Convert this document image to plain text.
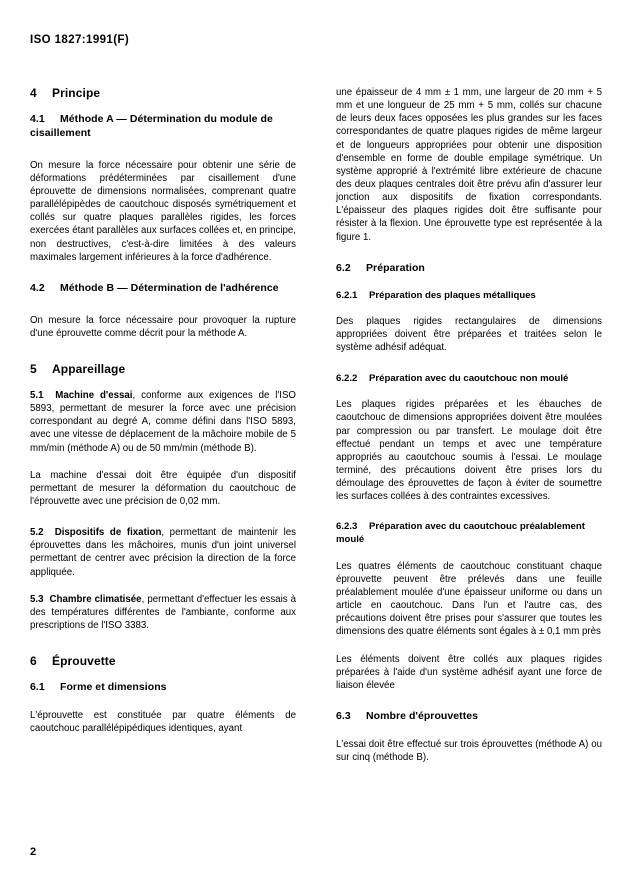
ISO 1827:1991(F)
4 Principe
4.1 Méthode A — Détermination du module de cisaillement

On mesure la force nécessaire pour obtenir une série de déformations prédéterminées par cisaillement d'une éprouvette de dimensions normalisées, comprenant quatre parallélépipèdes de caoutchouc disposés symétriquement et collés sur quatre plaques parallèles rigides, les forces exercées étant parallèles aux surfaces collées et, en principe, non destructives, c'est-à-dire limitées à des valeurs maximales largement inférieures à la force d'adhérence.

4.2 Méthode B — Détermination de l'adhérence

On mesure la force nécessaire pour provoquer la rupture d'une éprouvette comme décrit pour la méthode A.

5 Appareillage

5.1 Machine d'essai, conforme aux exigences de l'ISO 5893, permettant de mesurer la force avec une précision correspondant au degré A, comme défini dans l'ISO 5893, avec une vitesse de déplacement de la mâchoire mobile de 5 mm/min (méthode A) ou de 50 mm/min (méthode B).

La machine d'essai doit être équipée d'un dispositif permettant de mesurer la déformation du caoutchouc de l'éprouvette avec une précision de 0,02 mm.

5.2 Dispositifs de fixation, permettant de maintenir les éprouvettes dans les mâchoires, munis d'un joint universel permettant de centrer avec précision la direction de la force appliquée.

5.3 Chambre climatisée, permettant d'effectuer les essais à des températures différentes de l'ambiante, conforme aux prescriptions de l'ISO 3383.

6 Éprouvette
6.1 Forme et dimensions

L'éprouvette est constituée par quatre éléments de caoutchouc parallélépipédiques identiques, ayant

une épaisseur de 4 mm ± 1 mm, une largeur de 20 mm + 5 mm et une longueur de 25 mm + 5 mm, collés sur chacune de leurs deux faces opposées les plus grandes sur les faces correspondantes de quatre plaques rigides de même largeur et de longueurs appropriées pour obtenir une disposition d'ensemble en forme de double empilage symétrique. Un système approprié à l'extrémité libre extérieure de chacune des deux plaques centrales doit être prévu afin d'assurer leur jonction aux dispositifs de fixation correspondants. L'épaisseur des plaques rigides doit être suffisante pour résister à la flexion. Une éprouvette type est représentée à la figure 1.

6.2 Préparation
6.2.1 Préparation des plaques métalliques

Des plaques rigides rectangulaires de dimensions appropriées doivent être préparées et traitées selon le système adhésif adéquat.

6.2.2 Préparation avec du caoutchouc non moulé

Les plaques rigides préparées et les ébauches de caoutchouc de dimensions appropriées doivent être moulées par compression ou par transfert. Le moulage doit être effectué pendant un temps et avec une température appropriés au caoutchouc soumis à l'essai. Le moulage terminé, des précautions doivent être prises lors du démoulage des éprouvettes de façon à éviter de soumettre les surfaces collées à des contraintes excessives.

6.2.3 Préparation avec du caoutchouc préalablement moulé

Les quatres éléments de caoutchouc constituant chaque éprouvette peuvent être prélevés dans une feuille préalablement moulée d'une épaisseur uniforme ou dans un article en caoutchouc. Dans l'un et l'autre cas, des précautions doivent être prises pour s'assurer que toutes les dimensions des quatre éléments sont égales à ± 0,1 mm près

Les éléments doivent être collés aux plaques rigides préparées à l'aide d'un système adhésif ayant une force de liaison élevée

6.3 Nombre d'éprouvettes

L'essai doit être effectué sur trois éprouvettes (méthode A) ou sur cinq (méthode B).

2
